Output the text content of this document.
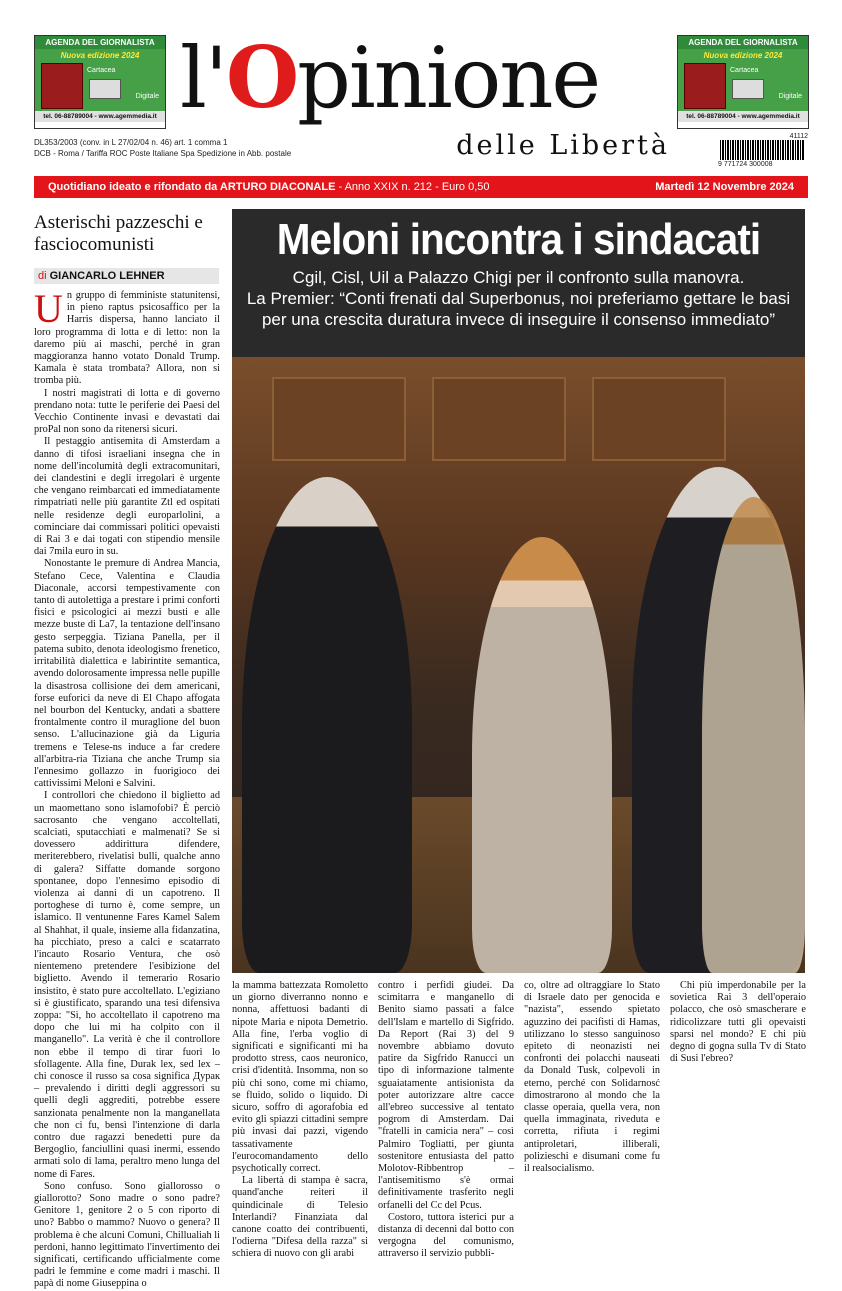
AGENDA DEL GIORNALISTA
Nuova edizione 2024
Cartacea
Digitale
tel. 06-88789004 - www.agemmedia.it
AGENDA DEL GIORNALISTA
Nuova edizione 2024
Cartacea
Digitale
tel. 06-88789004 - www.agemmedia.it
l'Opinione
delle Libertà
DL353/2003 (conv. in L 27/02/04 n. 46) art. 1 comma 1
DCB - Roma / Tariffa ROC Poste Italiane Spa Spedizione in Abb. postale
41112
9 771724 300008
Quotidiano ideato e rifondato da ARTURO DIACONALE - Anno XXIX n. 212 - Euro 0,50	Martedì 12 Novembre 2024
Asterischi pazzeschi e fasciocomunisti
di GIANCARLO LEHNER
U n gruppo di femministe statunitensi, in pieno raptus psicosaffico per la Harris dispersa, hanno lanciato il loro programma di lotta e di letto: non la daremo più ai maschi, perché in gran maggioranza hanno votato Donald Trump. Kamala è stata trombata? Allora, non si tromba più.

I nostri magistrati di lotta e di governo prendano nota: tutte le periferie dei Paesi del Vecchio Continente invasi e devastati dai proPal non sono da ritenersi sicuri.

Il pestaggio antisemita di Amsterdam a danno di tifosi israeliani insegna che in nome dell'incolumità degli extracomunitari, dei clandestini e degli irregolari è urgente che vengano reimbarcati ed immediatamente rimpatriati nelle più garantite Ztl ed ospitati nelle residenze degli europarlolini, a cominciare dai commissari politici opevaisti di Rai 3 e dai togati con stipendio mensile dai 7mila euro in su.

Nonostante le premure di Andrea Mancia, Stefano Cece, Valentina e Claudia Diaconale, accorsi tempestivamente con tanto di autolettiga a prestare i primi conforti fisici e psicologici ai mezzi busti e alle mezze buste di La7, la tentazione dell'insano gesto serpeggia. Tiziana Panella, per il patema subito, denota ideologismo frenetico, irritabilità dialettica e labirintite semantica, avendo dolorosamente impressa nelle pupille la disastrosa collisione dei dem americani, forse euforici da neve di El Chapo affogata nel bourbon del Kentucky, andati a sbattere frontalmente contro il muraglione del buon senso. L'allucinazione già da Liguria tremens e Telese-ns induce a far credere all'arbitra-ria Tiziana che anche Trump sia l'ennesimo gollazzo in fuorigioco dei cattivissimi Meloni e Salvini.

I controllori che chiedono il biglietto ad un maomettano sono islamofobi? È perciò sacrosanto che vengano accoltellati, scalciati, sputacchiati e malmenati? Se si dovessero addirittura difendere, meriterebbero, rivelatisi bulli, qualche anno di galera? Siffatte domande sorgono spontanee, dopo l'ennesimo episodio di violenza ai danni di un capotreno. Il portoghese di turno è, come sempre, un islamico. Il ventunenne Fares Kamel Salem al Shahhat, il quale, insieme alla fidanzatina, ha picchiato, preso a calci e scatarrato l'incauto Rosario Ventura, che osò nientemeno pretendere l'esibizione del biglietto. Avendo il temerario Rosario insistito, è stato pure accoltellato. L'egiziano si è giustificato, sparando una tesi difensiva zoppa: "Sì, ho accoltellato il capotreno ma dopo che lui mi ha colpito con il manganello". La verità è che il controllore non ebbe il tempo di tirar fuori lo sfollagente. Alla fine, Durak lex, sed lex – chi conosce il russo sa cosa significa Дурак – prevalendo i diritti degli aggressori su quelli degli aggrediti, potrebbe essere sanzionata penalmente non la manganellata che non ci fu, bensì l'intenzione di darla contro due ragazzi benedetti pure da Bergoglio, fanciullini quasi inermi, essendo armati solo di lama, peraltro meno lunga del nome di Fares.

Sono confuso. Sono giallorosso o giallorotto? Sono madre o sono padre? Genitore 1, genitore 2 o 5 con riporto di uno? Babbo o mammo? Nuovo o genera? Il problema è che alcuni Comuni, Chillualiah li perdoni, hanno legittimato l'invertimento dei significati, certificando ufficialmente come padri le femmine e come madri i maschi. Il papà di nome Giuseppina o

Meloni incontra i sindacati
Cgil, Cisl, Uil a Palazzo Chigi per il confronto sulla manovra.
La Premier: “Conti frenati dal Superbonus, noi preferiamo gettare le basi per una crescita duratura invece di inseguire il consenso immediato”

la mamma battezzata Romoletto un giorno diverranno nonno e nonna, affettuosi badanti di nipote Maria e nipota Demetrio. Alla fine, l'erba voglio di significati e significanti mi ha prodotto stress, caos neuronico, crisi d'identità. Insomma, non so più chi sono, come mi chiamo, se fluido, solido o liquido. Di sicuro, soffro di agorafobia ed evito gli spiazzi cittadini sempre più invasi dai pazzi, vigendo tassativamente l'eurocomandamento dello psychotically correct.

La libertà di stampa è sacra, quand'anche reiteri il quindicinale di Telesio Interlandi? Finanziata dal canone coatto dei contribuenti, l'odierna "Difesa della razza" si schiera di nuovo con gli arabi

contro i perfidi giudei. Da scimitarra e manganello di Benito siamo passati a falce dell'Islam e martello di Sigfrido. Da Report (Rai 3) del 9 novembre abbiamo dovuto patire da Sigfrido Ranucci un tipo di informazione talmente sguaiatamente antisionista da poter autorizzare altre cacce all'ebreo successive al tentato pogrom di Amsterdam. Dai "fratelli in camicia nera" – così Palmiro Togliatti, per giunta sostenitore entusiasta del patto Molotov-Ribbentrop – l'antisemitismo s'è ormai definitivamente trasferito negli orfanelli del Cc del Pcus.

Costoro, tuttora isterici pur a distanza di decenni dal botto con vergogna del comunismo, attraverso il servizio pubbli-

co, oltre ad oltraggiare lo Stato di Israele dato per genocida e "nazista", essendo spietato aguzzino dei pacifisti di Hamas, utilizzano lo stesso sanguinoso epiteto di neonazisti nei confronti dei polacchi nauseati da Donald Tusk, colpevoli in eterno, perché con Solidarnosć dimostrarono al mondo che la classe operaia, quella vera, non quella immaginata, riveduta e corretta, rifiuta i regimi antiproletari, illiberali, polizieschi e disumani come fu il realsocialismo.

Chi più imperdonabile per la sovietica Rai 3 dell'operaio polacco, che osò smascherare e ridicolizzare tutti gli opevaisti sparsi nel mondo? E chi più degno di gogna sulla Tv di Stato di Susi l'ebreo?
